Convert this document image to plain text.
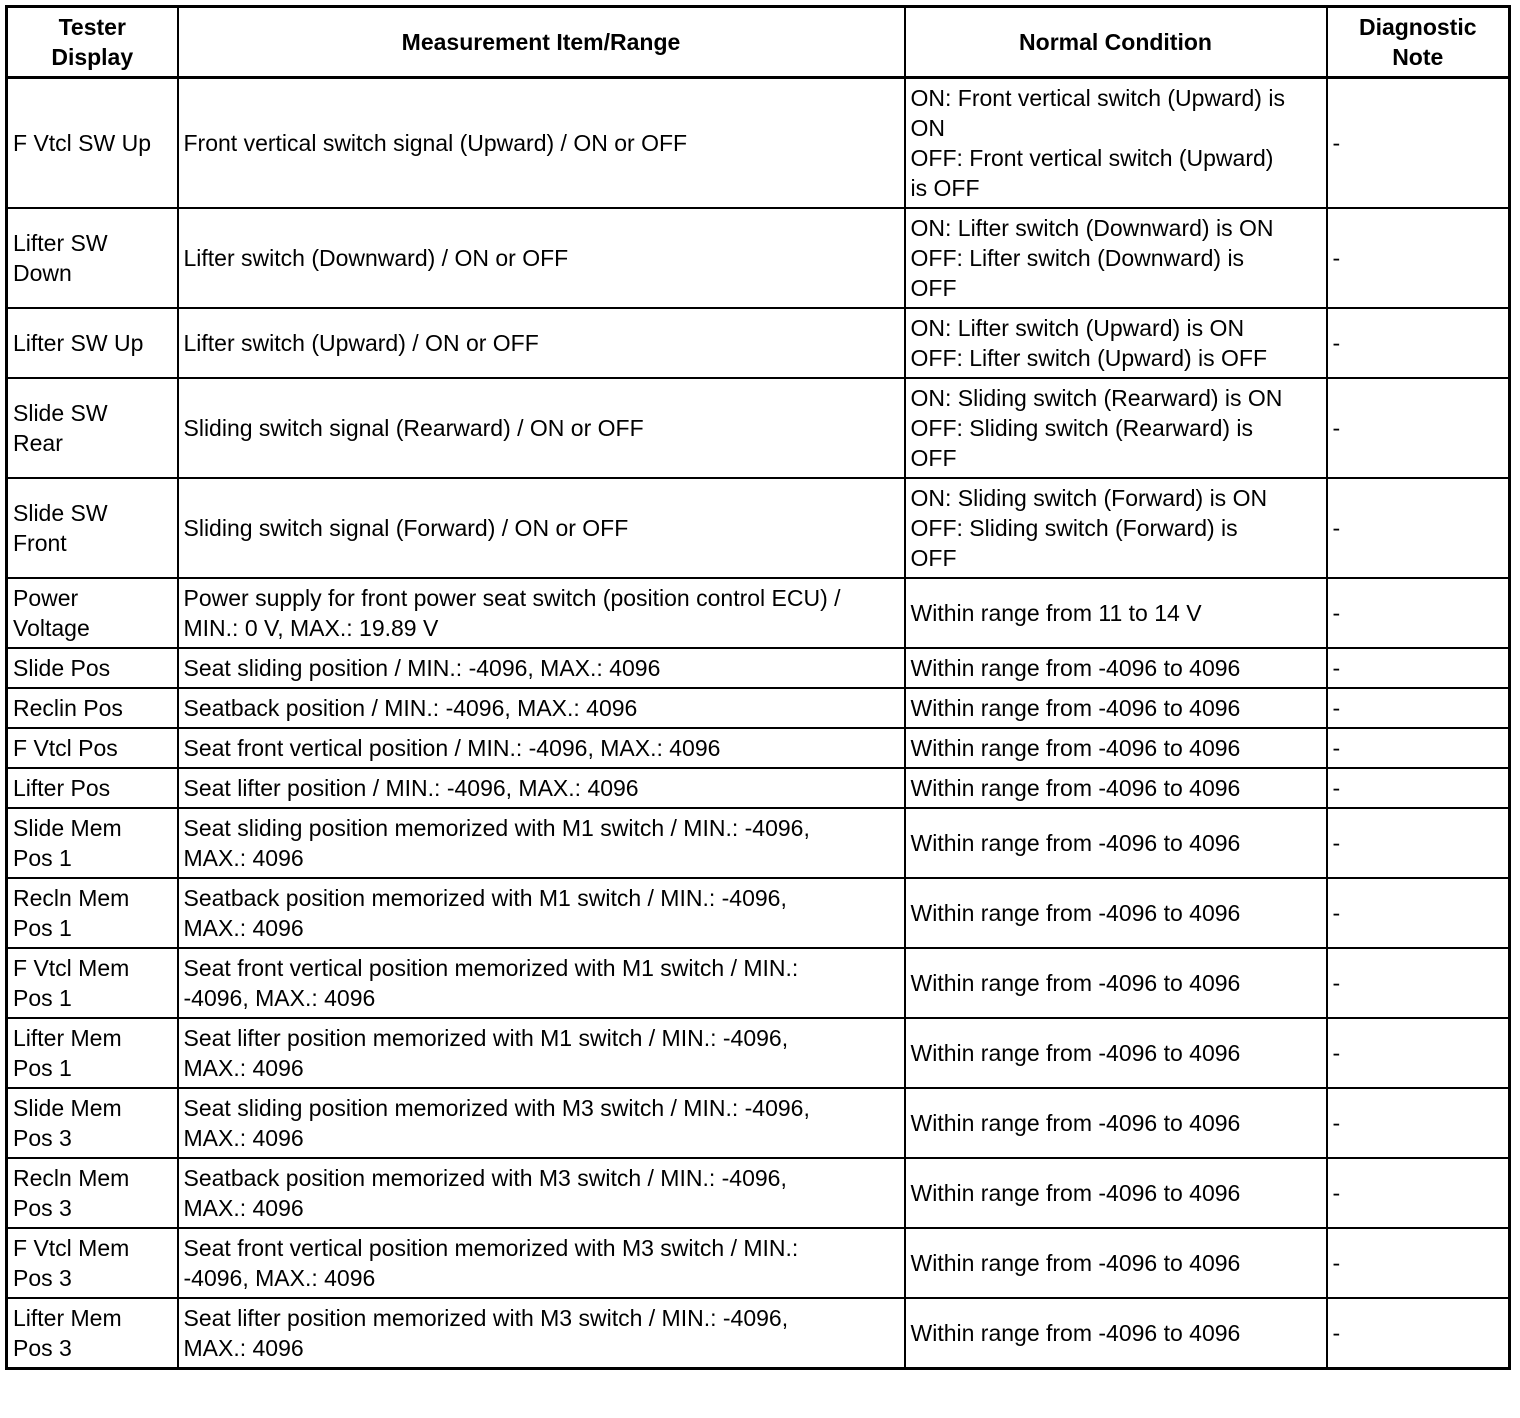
Tester
Display	Measurement Item/Range	Normal Condition	Diagnostic
Note
F Vtcl SW Up	Front vertical switch signal (Upward) / ON or OFF	ON: Front vertical switch (Upward) is
ON
OFF: Front vertical switch (Upward)
is OFF	-
Lifter SW
Down	Lifter switch (Downward) / ON or OFF	ON: Lifter switch (Downward) is ON
OFF: Lifter switch (Downward) is
OFF	-
Lifter SW Up	Lifter switch (Upward) / ON or OFF	ON: Lifter switch (Upward) is ON
OFF: Lifter switch (Upward) is OFF	-
Slide SW
Rear	Sliding switch signal (Rearward) / ON or OFF	ON: Sliding switch (Rearward) is ON
OFF: Sliding switch (Rearward) is
OFF	-
Slide SW
Front	Sliding switch signal (Forward) / ON or OFF	ON: Sliding switch (Forward) is ON
OFF: Sliding switch (Forward) is
OFF	-
Power
Voltage	Power supply for front power seat switch (position control ECU) /
MIN.: 0 V, MAX.: 19.89 V	Within range from 11 to 14 V	-
Slide Pos	Seat sliding position / MIN.: -4096, MAX.: 4096	Within range from -4096 to 4096	-
Reclin Pos	Seatback position / MIN.: -4096, MAX.: 4096	Within range from -4096 to 4096	-
F Vtcl Pos	Seat front vertical position / MIN.: -4096, MAX.: 4096	Within range from -4096 to 4096	-
Lifter Pos	Seat lifter position / MIN.: -4096, MAX.: 4096	Within range from -4096 to 4096	-
Slide Mem
Pos 1	Seat sliding position memorized with M1 switch / MIN.: -4096,
MAX.: 4096	Within range from -4096 to 4096	-
Recln Mem
Pos 1	Seatback position memorized with M1 switch / MIN.: -4096,
MAX.: 4096	Within range from -4096 to 4096	-
F Vtcl Mem
Pos 1	Seat front vertical position memorized with M1 switch / MIN.:
-4096, MAX.: 4096	Within range from -4096 to 4096	-
Lifter Mem
Pos 1	Seat lifter position memorized with M1 switch / MIN.: -4096,
MAX.: 4096	Within range from -4096 to 4096	-
Slide Mem
Pos 3	Seat sliding position memorized with M3 switch / MIN.: -4096,
MAX.: 4096	Within range from -4096 to 4096	-
Recln Mem
Pos 3	Seatback position memorized with M3 switch / MIN.: -4096,
MAX.: 4096	Within range from -4096 to 4096	-
F Vtcl Mem
Pos 3	Seat front vertical position memorized with M3 switch / MIN.:
-4096, MAX.: 4096	Within range from -4096 to 4096	-
Lifter Mem
Pos 3	Seat lifter position memorized with M3 switch / MIN.: -4096,
MAX.: 4096	Within range from -4096 to 4096	-
